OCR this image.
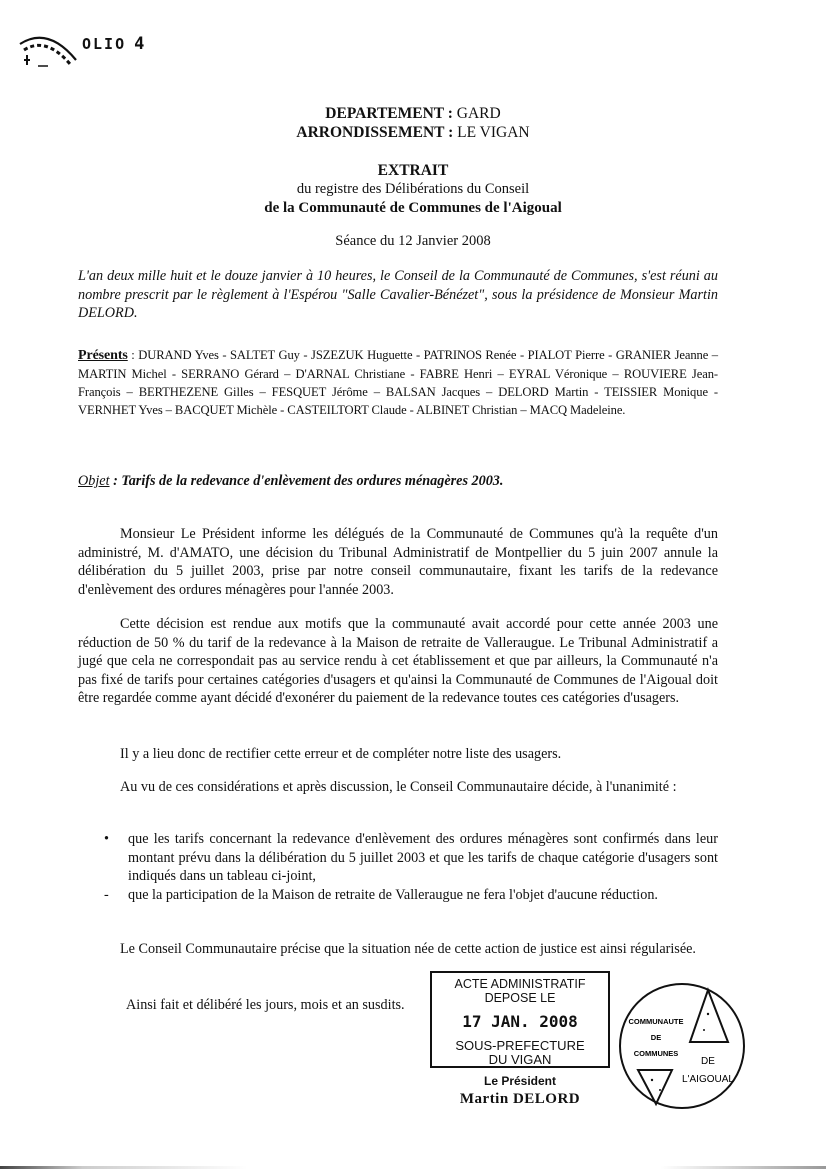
OLIO 4
DEPARTEMENT : GARD
ARRONDISSEMENT : LE VIGAN
EXTRAIT
du registre des Délibérations du Conseil
de la Communauté de Communes de l'Aigoual
Séance du 12 Janvier 2008
L'an deux mille huit et le douze janvier à 10 heures, le Conseil de la Communauté de Communes, s'est réuni au nombre prescrit par le règlement à l'Espérou "Salle Cavalier-Bénézet", sous la présidence de Monsieur Martin DELORD.
Présents : DURAND Yves - SALTET Guy - JSZEZUK Huguette - PATRINOS Renée - PIALOT Pierre - GRANIER Jeanne – MARTIN Michel - SERRANO Gérard – D'ARNAL Christiane - FABRE Henri – EYRAL Véronique – ROUVIERE Jean-François – BERTHEZENE Gilles – FESQUET Jérôme – BALSAN Jacques – DELORD Martin - TEISSIER Monique - VERNHET Yves – BACQUET Michèle - CASTEILTORT Claude - ALBINET Christian – MACQ Madeleine.
Objet : Tarifs de la redevance d'enlèvement des ordures ménagères 2003.
Monsieur Le Président informe les délégués de la Communauté de Communes qu'à la requête d'un administré, M. d'AMATO, une décision du Tribunal Administratif de Montpellier du 5 juin 2007 annule la délibération du 5 juillet 2003, prise par notre conseil communautaire, fixant les tarifs de la redevance d'enlèvement des ordures ménagères pour l'année 2003.
Cette décision est rendue aux motifs que la communauté avait accordé pour cette année 2003 une réduction de 50 % du tarif de la redevance à la Maison de retraite de Valleraugue. Le Tribunal Administratif a jugé que cela ne correspondait pas au service rendu à cet établissement et que par ailleurs, la Communauté n'a pas fixé de tarifs pour certaines catégories d'usagers et qu'ainsi la Communauté de Communes de l'Aigoual doit être regardée comme ayant décidé d'exonérer du paiement de la redevance toutes ces catégories d'usagers.
Il y a lieu donc de rectifier cette erreur et de compléter notre liste des usagers.
Au vu de ces considérations et après discussion, le Conseil Communautaire décide, à l'unanimité :
• que les tarifs concernant la redevance d'enlèvement des ordures ménagères sont confirmés dans leur montant prévu dans la délibération du 5 juillet 2003 et que les tarifs de chaque catégorie d'usagers sont indiqués dans un tableau ci-joint,
- que la participation de la Maison de retraite de Valleraugue ne fera l'objet d'aucune réduction.
Le Conseil Communautaire précise que la situation née de cette action de justice est ainsi régularisée.
Ainsi fait et délibéré les jours, mois et an susdits.
ACTE ADMINISTRATIF
DEPOSE LE
17 JAN. 2008
SOUS-PREFECTURE
DU VIGAN
Le Président
Martin DELORD
COMMUNAUTE
DE
COMMUNES
DE
L'AIGOUAL
